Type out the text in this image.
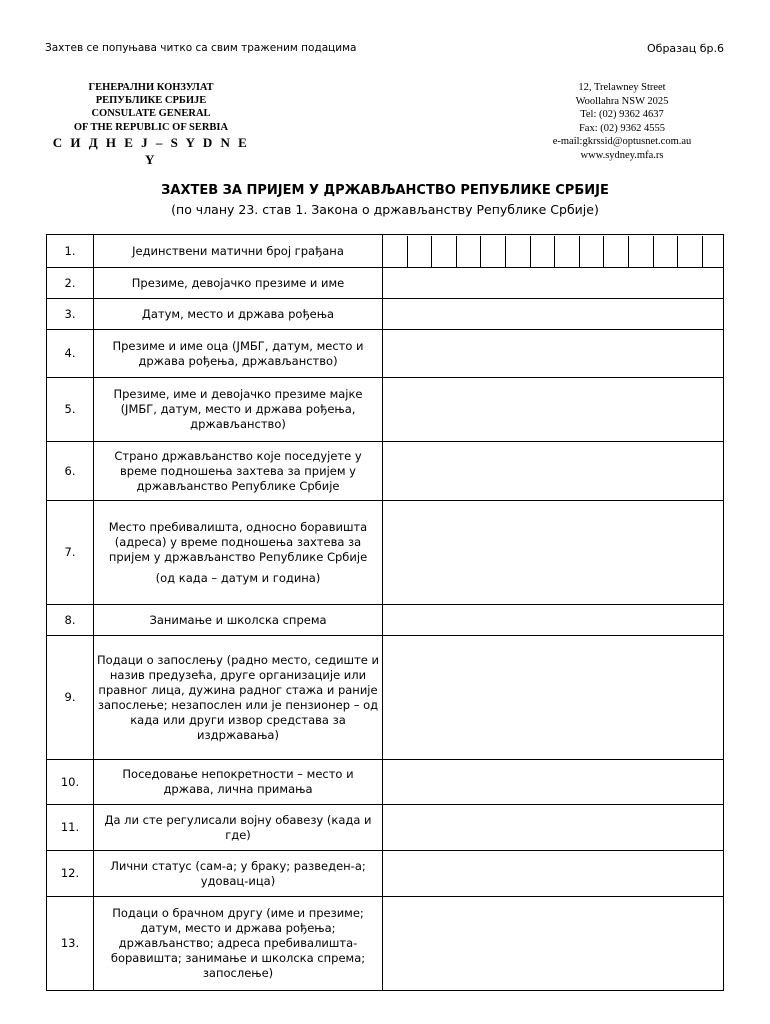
Захтев се попуњава читко са свим траженим подацима	Образац бр.6
ГЕНЕРАЛНИ КОНЗУЛАТ
РЕПУБЛИКЕ СРБИЈЕ
CONSULATE GENERAL
OF THE REPUBLIC OF SERBIA
С И Д Н Е Ј – S Y D N E Y
12, Trelawney Street
Woollahra NSW 2025
Tel: (02) 9362 4637
Fax: (02) 9362 4555
e-mail:gkrssid@optusnet.com.au
www.sydney.mfa.rs
ЗАХТЕВ ЗА ПРИЈЕМ У ДРЖАВЉАНСТВО РЕПУБЛИКЕ СРБИЈЕ
(по члану 23. став 1. Закона о држављанству Републике Србије)
1.	Јединствени матични број грађана	

2.	Презиме, девојачко презиме и име	
3.	Датум, место и држава рођења	
4.	Презиме и име оца (ЈМБГ, датум, место и држава рођења, држављанство)	
5.	Презиме, име и девојачко презиме мајке (ЈМБГ, датум, место и држава рођења, држављанство)	
6.	Страно држављанство које поседујете у време подношења захтева за пријем у држављанство Републике Србије	
7.	Место пребивалишта, односно боравишта (адреса) у време подношења захтева за пријем у држављанство Републике Србије
(од када – датум и година)	
8.	Занимање и школска спрема	
9.	Подаци о запослењу (радно место, седиште и назив предузећа, друге организације или правног лица, дужина радног стажа и раније запослење; незапослен или је пензионер – од када или други извор средстава за издржавања)	
10.	Поседовање непокретности – место и држава, лична примања	
11.	Да ли сте регулисали војну обавезу (када и где)	
12.	Лични статус (сам-а; у браку; разведен-а; удовац-ица)	
13.	Подаци о брачном другу (име и презиме; датум, место и држава рођења; држављанство; адреса пребивалишта-боравишта; занимање и школска спрема; запослење)	
